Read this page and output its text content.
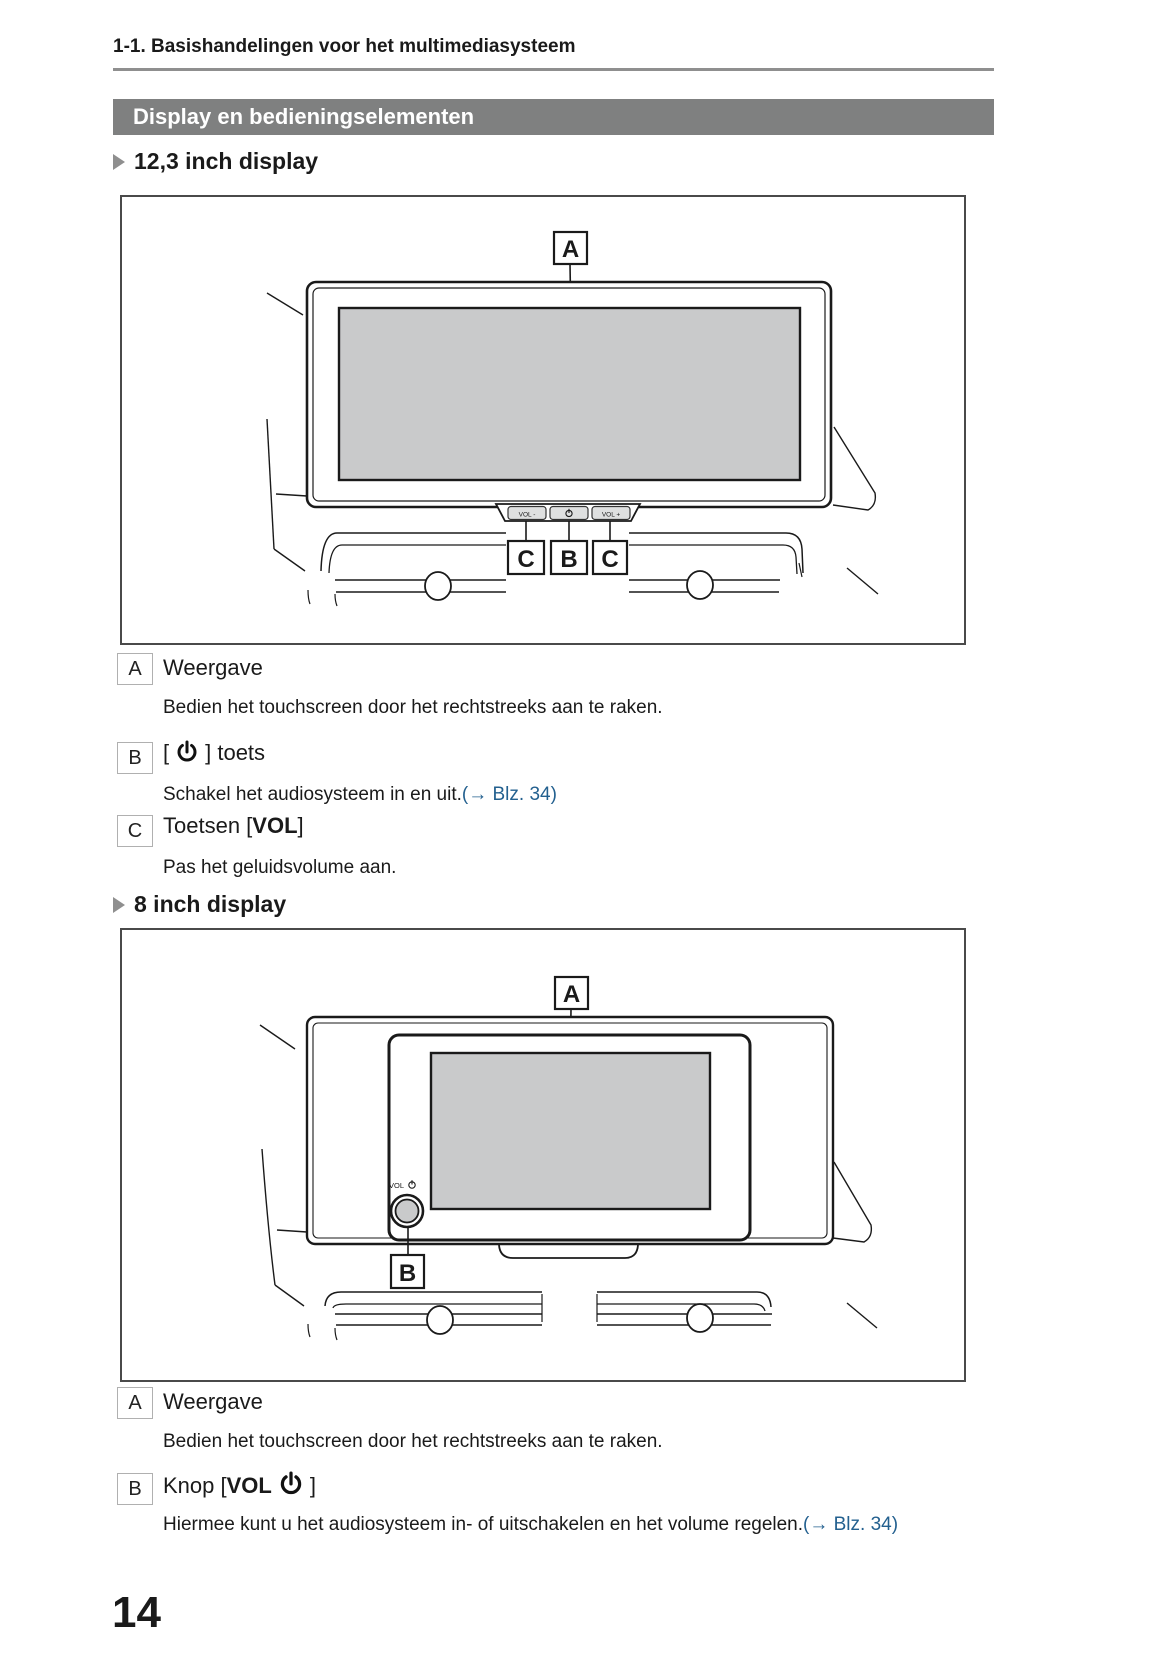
1-1. Basishandelingen voor het multimediasysteem
Display en bedieningselementen
12,3 inch display
A
VOL -	VOL +
C B C
A Weergave
Bedien het touchscreen door het rechtstreeks aan te raken.
B [ ] toets
Schakel het audiosysteem in en uit.(→ Blz. 34)
C Toetsen [VOL]
Pas het geluidsvolume aan.
8 inch display
A
VOL
B
A Weergave
Bedien het touchscreen door het rechtstreeks aan te raken.
B Knop [VOL ]
Hiermee kunt u het audiosysteem in- of uitschakelen en het volume regelen.(→ Blz. 34)
14
